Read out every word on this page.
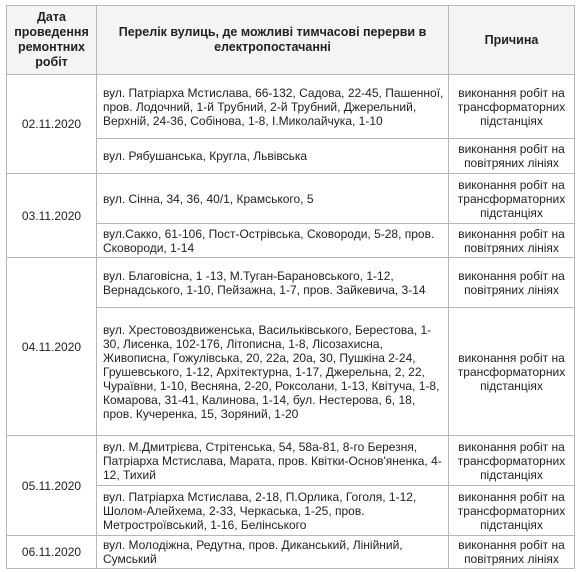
Дата проведення ремонтних робіт	Перелік вулиць, де можливі тимчасові перерви в електропостачанні	Причина
02.11.2020	вул. Патріарха Мстислава, 66-132, Садова, 22-45, Пашенної, пров. Лодочний, 1-й Трубний, 2-й Трубний, Джерельний, Верхній, 24-36, Собінова, 1-8, І.Миколайчука, 1-10	виконання робіт на трансформаторних підстанціях
	вул. Рябушанська, Кругла, Львівська	виконання робіт на повітряних лініях
03.11.2020	вул. Сінна, 34, 36, 40/1, Крамського, 5	виконання робіт на трансформаторних підстанціях
	вул.Сакко, 61-106, Пост-Острівська, Сковороди, 5-28, пров. Сковороди, 1-14	виконання робіт на повітряних лініях
04.11.2020	вул. Благовісна, 1 -13, М.Туган-Барановського, 1-12, Вернадського, 1-10, Пейзажна, 1-7, пров. Зайкевича, 3-14	виконання робіт на повітряних лініях
	вул. Хрестовоздвиженська, Васильківського, Берестова, 1-30, Лисенка, 102-176, Літописна, 1-8, Лісозахисна, Живописна, Гожулівська, 20, 22а, 20а, 30, Пушкіна 2-24, Грушевського, 1-12, Архітектурна, 1-17, Джерельна, 2, 22, Чураївни, 1-10, Весняна, 2-20, Роксолани, 1-13, Квітуча, 1-8, Комарова, 31-41, Калинова, 1-14, бул. Нестерова, 6, 18, пров. Кучеренка, 15, Зоряний, 1-20	виконання робіт на трансформаторних підстанціях
05.11.2020	вул. М.Дмитрієва, Стрітенська, 54, 58а-81, 8-го Березня, Патріарха Мстислава, Марата, пров. Квітки-Основ'яненка, 4-12, Тихий	виконання робіт на трансформаторних підстанціях
	вул. Патріарха Мстислава, 2-18, П.Орлика, Гоголя, 1-12, Шолом-Алейхема, 2-33, Черкаська, 1-25, пров. Метростроївський, 1-16, Белінського	виконання робіт на трансформаторних підстанціях
06.11.2020	вул. Молодіжна, Редутна, пров. Диканський, Лінійний, Сумський	виконання робіт на повітряних лініях
